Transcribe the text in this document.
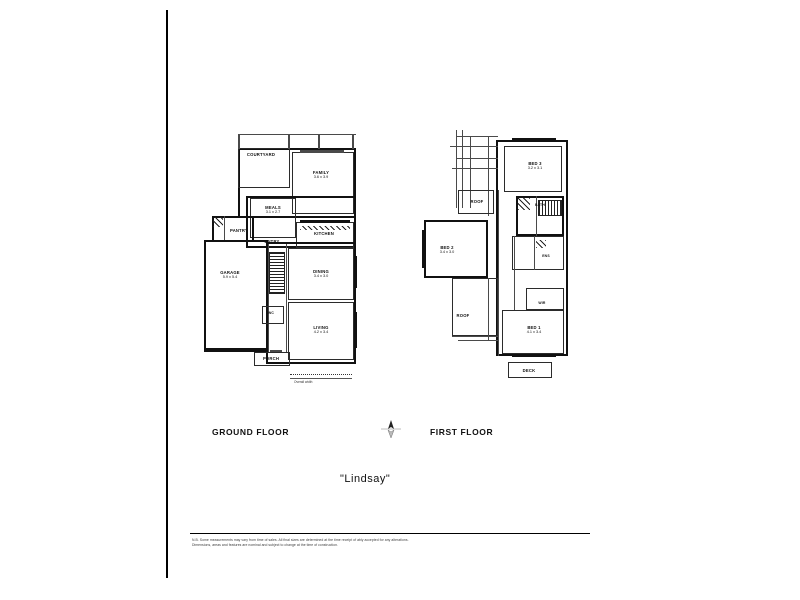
GROUND FLOOR	FIRST FLOOR
COURTYARD
FAMILY
3.6 x 3.9
MEALS
3.1 x 2.7
KITCHEN
PANTRY
ENTRY
GARAGE
5.9 x 5.4
DINING
3.4 x 3.0
LIVING
4.2 x 3.4
PORCH
WC
Overall width
BED 3
3.2 x 3.1
ROOF
BED 2
3.4 x 3.0
ROOF
BED 1
4.1 x 3.4
WIR
BATH
ENS
DECK
"Lindsay"
N.B. Some measurements may vary from time of sales. All final sizes are determined at the time receipt of ably accepted for any alterations.
Dimensions, areas and features are nominal and subject to change at the time of construction.
